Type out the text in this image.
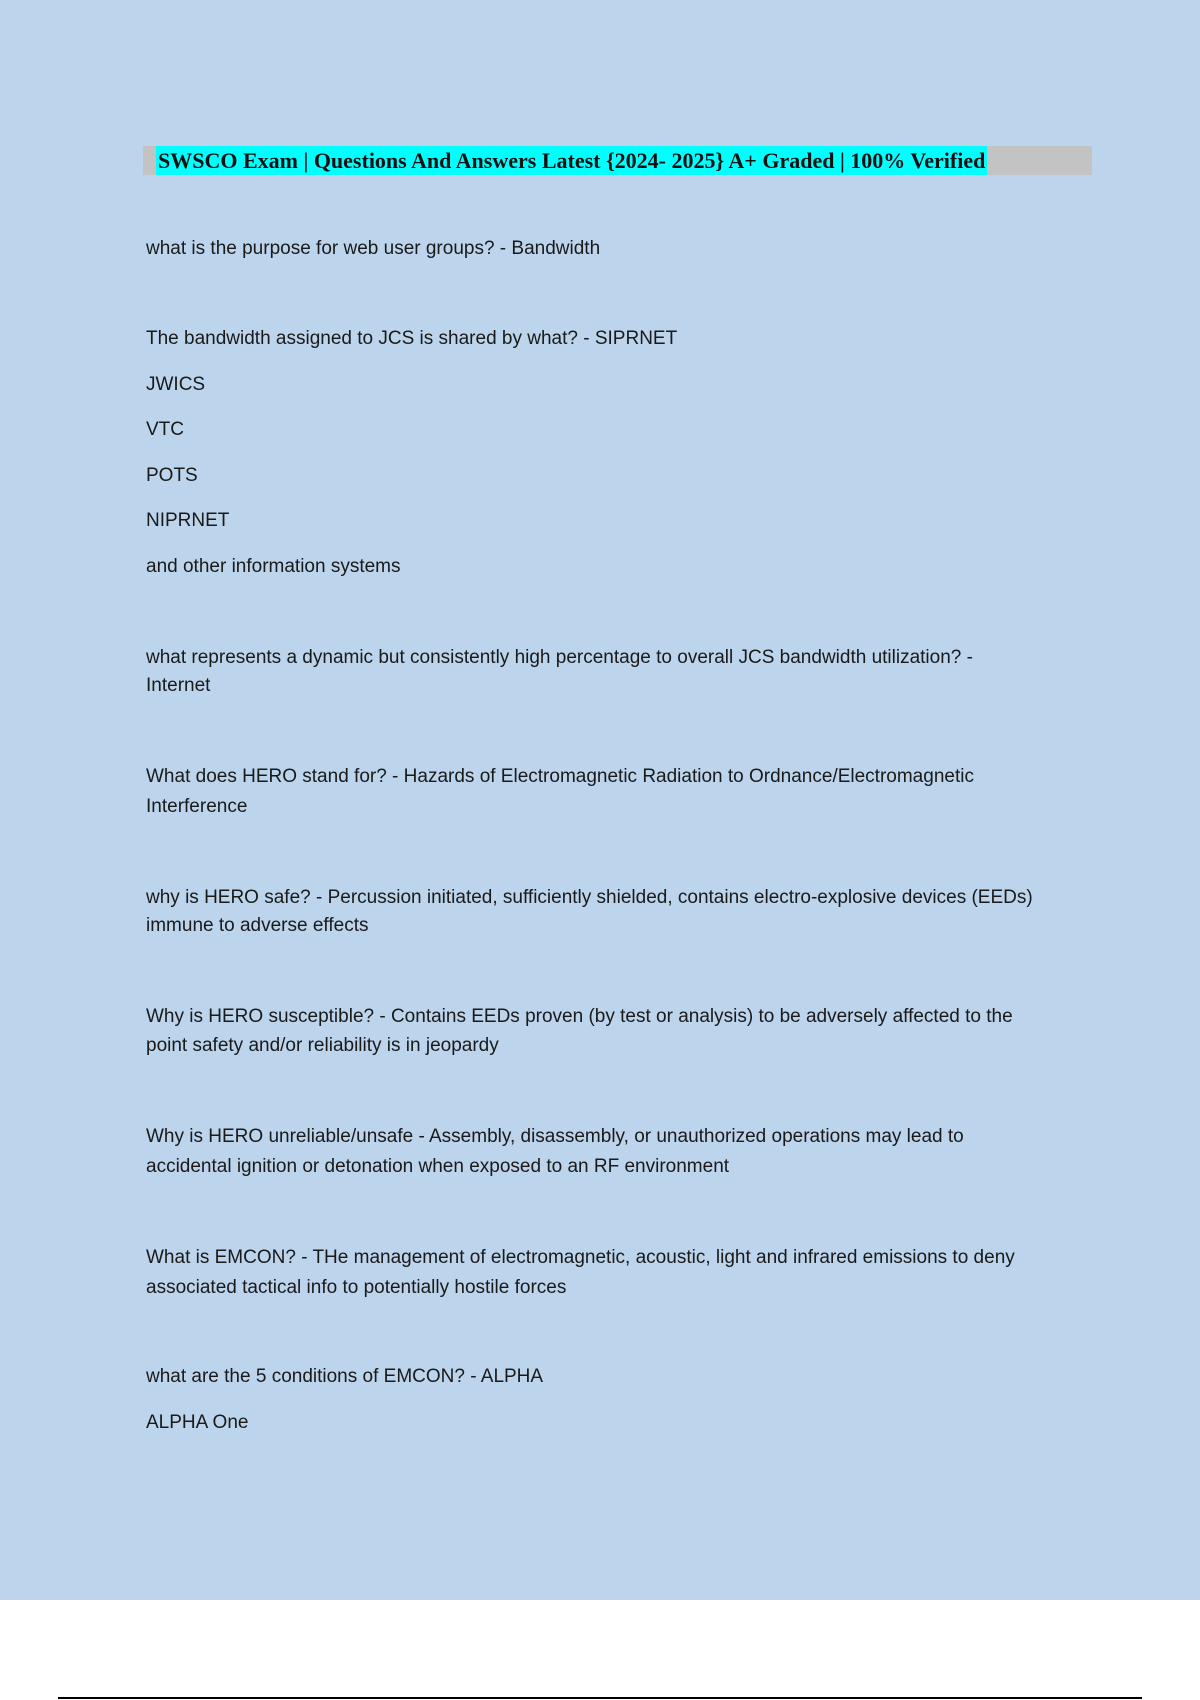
SWSCO Exam | Questions And Answers Latest {2024- 2025} A+ Graded | 100% Verified
what is the purpose for web user groups? - Bandwidth
The bandwidth assigned to JCS is shared by what? - SIPRNET
JWICS
VTC
POTS
NIPRNET
and other information systems
what represents a dynamic but consistently high percentage to overall JCS bandwidth utilization? -
Internet
What does HERO stand for? - Hazards of Electromagnetic Radiation to Ordnance/Electromagnetic
Interference
why is HERO safe? - Percussion initiated, sufficiently shielded, contains electro-explosive devices (EEDs)
immune to adverse effects
Why is HERO susceptible? - Contains EEDs proven (by test or analysis) to be adversely affected to the
point safety and/or reliability is in jeopardy
Why is HERO unreliable/unsafe - Assembly, disassembly, or unauthorized operations may lead to
accidental ignition or detonation when exposed to an RF environment
What is EMCON? - THe management of electromagnetic, acoustic, light and infrared emissions to deny
associated tactical info to potentially hostile forces
what are the 5 conditions of EMCON? - ALPHA
ALPHA One
